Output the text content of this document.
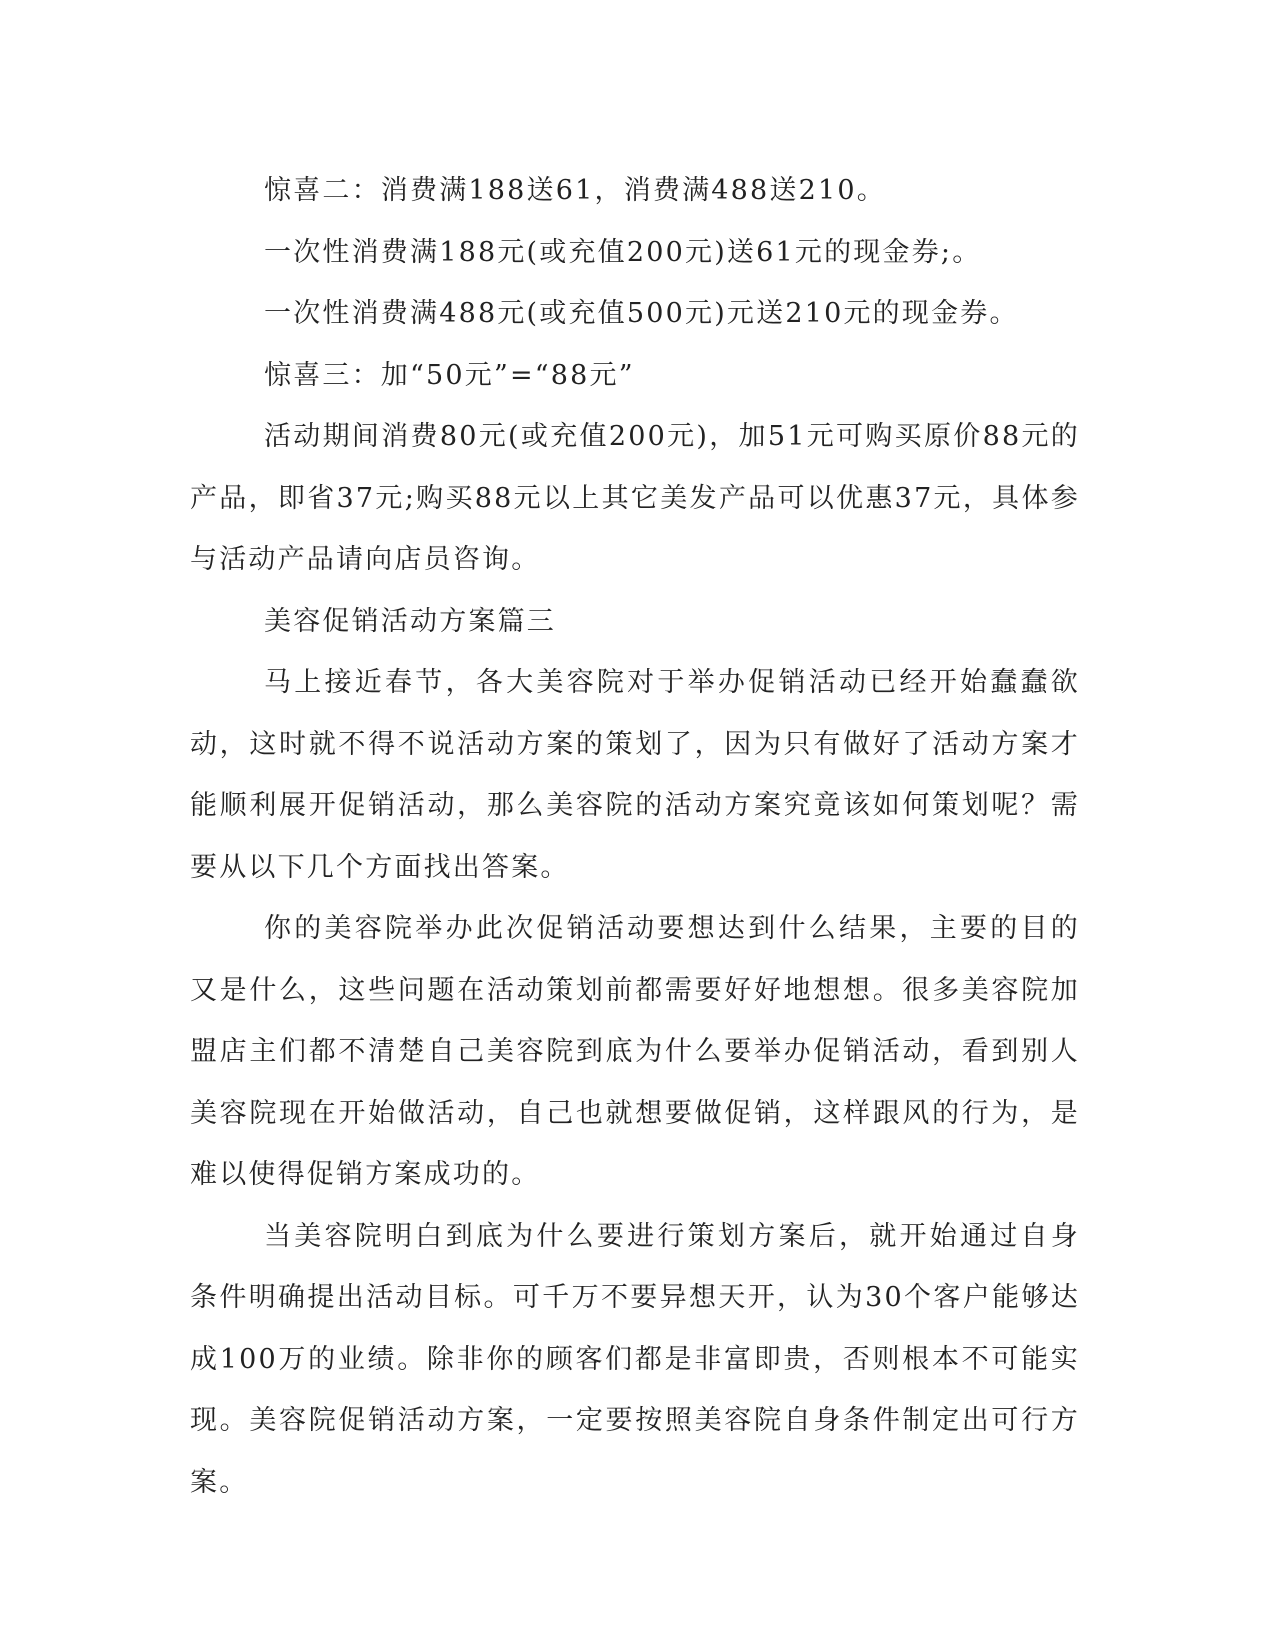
惊喜二：消费满188送61，消费满488送210。

一次性消费满188元(或充值200元)送61元的现金券;。

一次性消费满488元(或充值500元)元送210元的现金券。

惊喜三：加“50元”=“88元”

活动期间消费80元(或充值200元)，加51元可购买原价88元的产品，即省37元;购买88元以上其它美发产品可以优惠37元，具体参与活动产品请向店员咨询。

美容促销活动方案篇三

马上接近春节，各大美容院对于举办促销活动已经开始蠢蠢欲动，这时就不得不说活动方案的策划了，因为只有做好了活动方案才能顺利展开促销活动，那么美容院的活动方案究竟该如何策划呢？需要从以下几个方面找出答案。

你的美容院举办此次促销活动要想达到什么结果，主要的目的又是什么，这些问题在活动策划前都需要好好地想想。很多美容院加盟店主们都不清楚自己美容院到底为什么要举办促销活动，看到别人美容院现在开始做活动，自己也就想要做促销，这样跟风的行为，是难以使得促销方案成功的。

当美容院明白到底为什么要进行策划方案后，就开始通过自身条件明确提出活动目标。可千万不要异想天开，认为30个客户能够达成100万的业绩。除非你的顾客们都是非富即贵，否则根本不可能实现。美容院促销活动方案，一定要按照美容院自身条件制定出可行方案。
